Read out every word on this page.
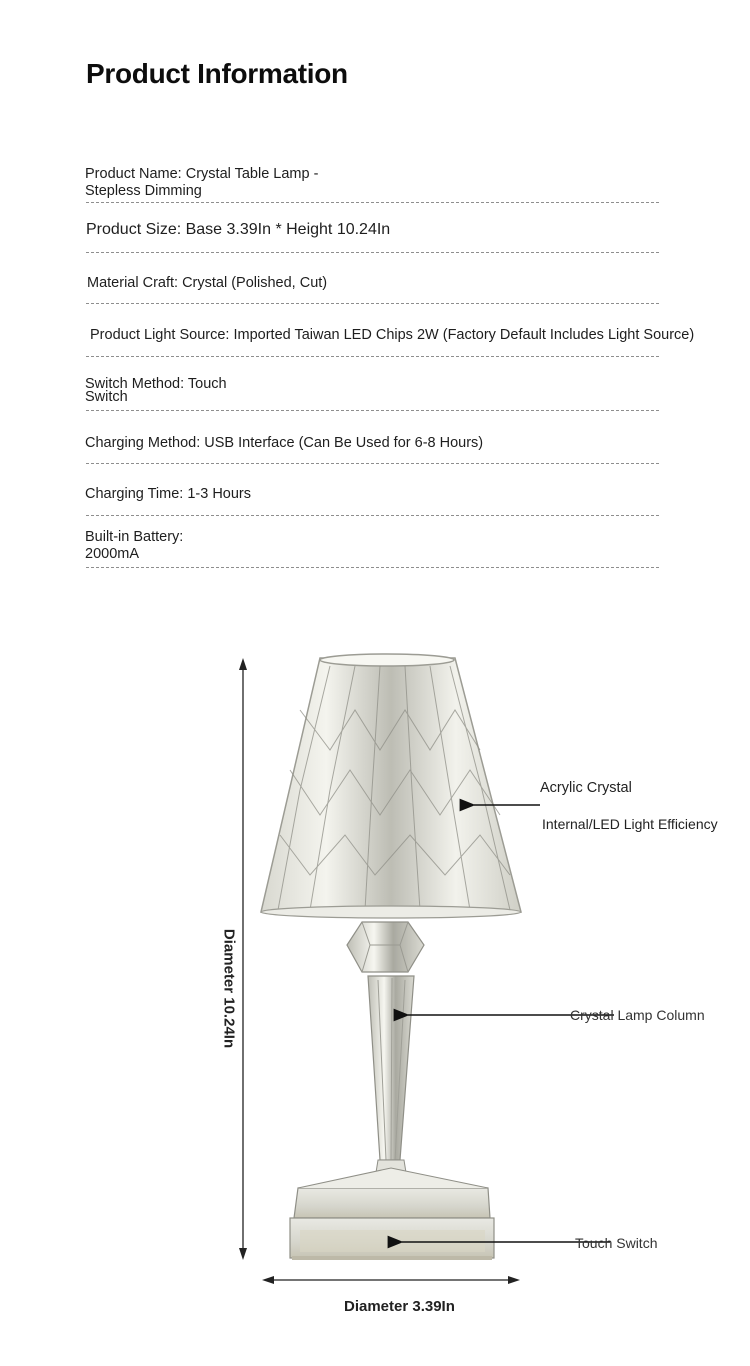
Product Information
Product Name: Crystal Table Lamp -
Stepless Dimming
Product Size: Base 3.39In * Height 10.24In
Material Craft: Crystal (Polished, Cut)
Product Light Source: Imported Taiwan LED Chips 2W (Factory Default Includes Light Source)
Switch Method: Touch
Switch
Charging Method: USB Interface (Can Be Used for 6-8 Hours)
Charging Time: 1-3 Hours
Built-in Battery:
2000mA
Acrylic Crystal
Internal/LED Light Efficiency
Crystal Lamp Column
Touch Switch
Diameter 10.24In
Diameter 3.39In
